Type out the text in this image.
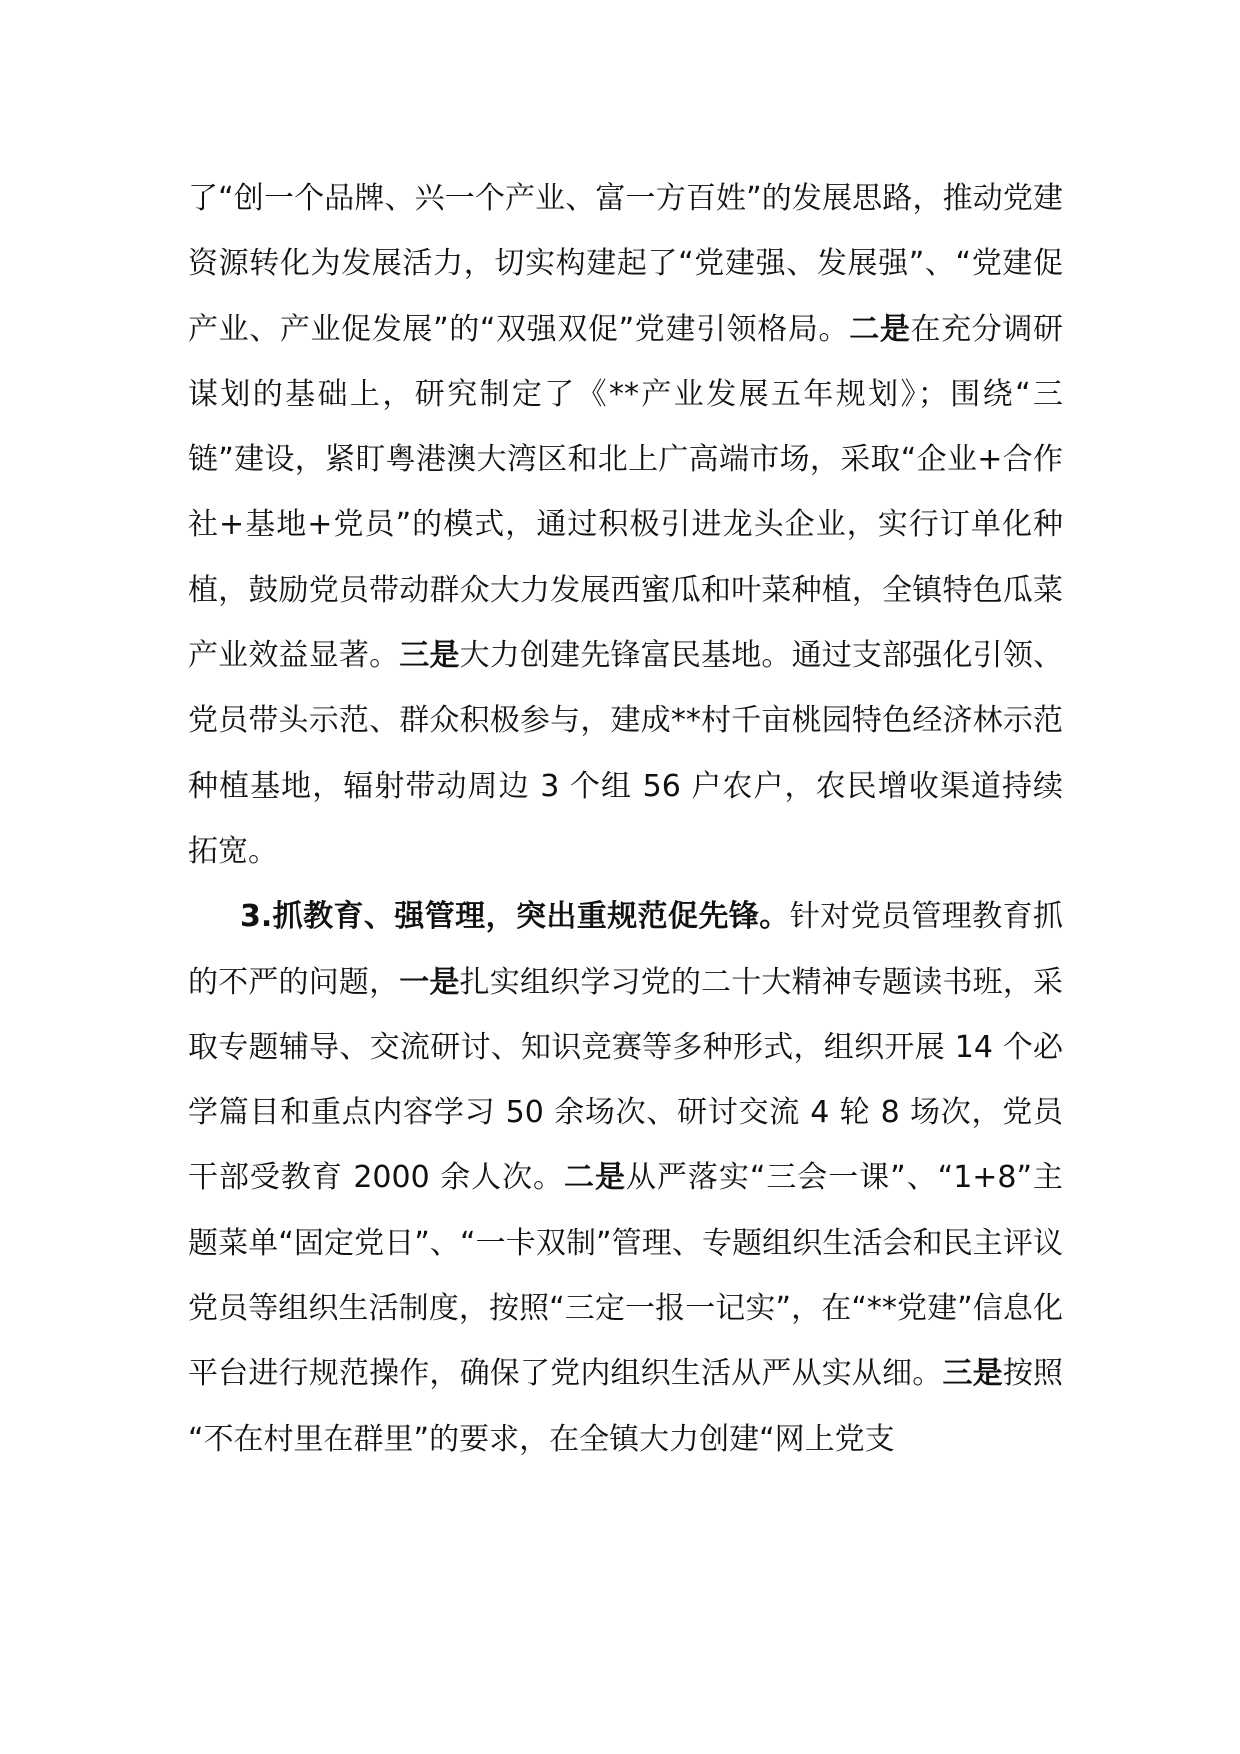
了“创一个品牌、兴一个产业、富一方百姓”的发展思路，推动党建资源转化为发展活力，切实构建起了“党建强、发展强”、“党建促产业、产业促发展”的“双强双促”党建引领格局。二是在充分调研谋划的基础上，研究制定了《**产业发展五年规划》；围绕“三链”建设，紧盯粤港澳大湾区和北上广高端市场，采取“企业+合作社+基地+党员”的模式，通过积极引进龙头企业，实行订单化种植，鼓励党员带动群众大力发展西蜜瓜和叶菜种植，全镇特色瓜菜产业效益显著。三是大力创建先锋富民基地。通过支部强化引领、党员带头示范、群众积极参与，建成**村千亩桃园特色经济林示范种植基地，辐射带动周边 3 个组 56 户农户，农民增收渠道持续拓宽。

3.抓教育、强管理，突出重规范促先锋。针对党员管理教育抓的不严的问题，一是扎实组织学习党的二十大精神专题读书班，采取专题辅导、交流研讨、知识竞赛等多种形式，组织开展 14 个必学篇目和重点内容学习 50 余场次、研讨交流 4 轮 8 场次，党员干部受教育 2000 余人次。二是从严落实“三会一课”、“1+8”主题菜单“固定党日”、“一卡双制”管理、专题组织生活会和民主评议党员等组织生活制度，按照“三定一报一记实”，在“**党建”信息化平台进行规范操作，确保了党内组织生活从严从实从细。三是按照 “不在村里在群里”的要求，在全镇大力创建“网上党支
